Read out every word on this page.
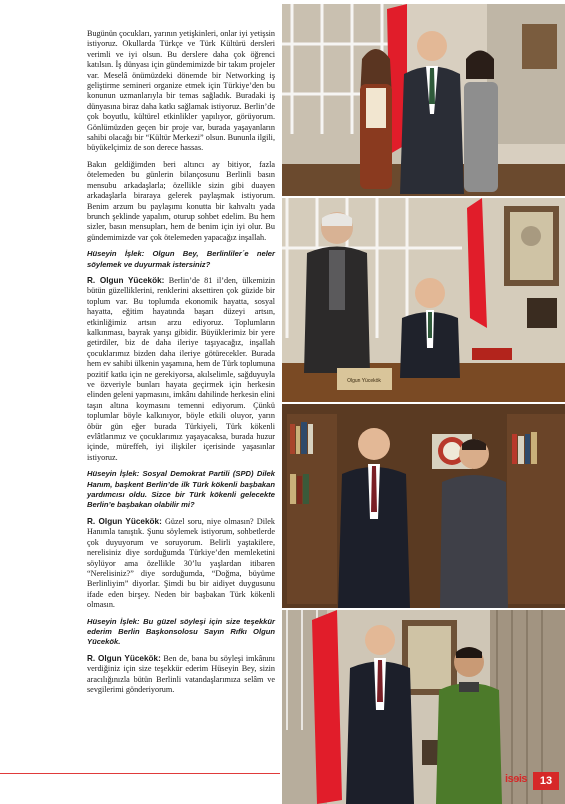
Bugünün çocukları, yarının yetişkinleri, onlar iyi yetişsin istiyoruz. Okullarda Türkçe ve Türk Kültürü dersleri verimli ve iyi olsun. Bu derslere daha çok öğrenci katılsın. İş dünyası için gündemimizde bir takım projeler var. Meselâ önümüzdeki dönemde bir Networking iş geliştirme semineri organize etmek için Türkiye’den bu konunun uzmanlarıyla bir temas sağladık. Buradaki iş dünyasına biraz daha katkı sağlamak istiyoruz. Berlin’de çok boyutlu, kültürel etkinlikler yapılıyor, görüyorum. Gönlümüzden geçen bir proje var, burada yaşayanların sahibi olacağı bir “Kültür Merkezi” olsun. Bununla ilgili, büyükelçimiz de son derece hassas.

Bakın geldiğimden beri altıncı ay bitiyor, fazla ötelemeden bu günlerin bilançosunu Berlinli basın mensubu arkadaşlarla; özellikle sizin gibi duayen arkadaşlarla biraraya gelerek paylaşmak istiyorum. Benim arzum bu paylaşımı konutta bir kahvaltı yada brunch şeklinde yapalım, oturup sohbet edelim. Bu hem sizler, basın mensupları, hem de benim için iyi olur. Bu gündemimizde var çok ötelemeden yapacağız inşallah.

Hüseyin İşlek: Olgun Bey, Berlinliler´e neler söylemek ve duyurmak istersiniz?

R. Olgun Yücekök: Berlin’de 81 il’den, ülkemizin bütün güzelliklerini, renklerini aksettiren çok güzide bir toplum var. Bu toplumda ekonomik hayatta, sosyal hayatta, eğitim hayatında başarı düzeyi artsın, etkinliğimiz artsın arzu ediyoruz. Toplumların kalkınması, bayrak yarışı gibidir. Büyüklerimiz bir yere getirdiler, biz de daha ileriye taşıyacağız, inşallah çocuklarımız bizden daha ileriye götürecekler. Burada hem ev sahibi ülkenin yaşamına, hem de Türk toplumuna pozitif katkı için ne gerekiyorsa, akılselimle, sağduyuyla ve özveriyle bunları hayata geçirmek için herkesin elinden geleni yapmasını, imkânı dahilinde herkesin elini taşın altına koymasını temenni ediyorum. Çünkü toplumlar böyle kalkınıyor, böyle etkili oluyor, yarın öbür gün eğer burada Türkiyeli, Türk kökenli evlâtlarımız ve çocuklarımız yaşayacaksa, burada huzur içinde, müreffeh, iyi ilişkiler içerisinde yaşasınlar istiyoruz.

Hüseyin İşlek: Sosyal Demokrat Partili (SPD) Dilek Hanım, başkent Berlin’de ilk Türk kökenli başbakan yardımcısı oldu. Sizce bir Türk kökenli gelecekte Berlin’e başbakan olabilir mi?

R. Olgun Yücekök: Güzel soru, niye olmasın? Dilek Hanımla tanıştık. Şunu söylemek istiyorum, sohbetlerde çok duyuyorum ve soruyorum. Belirli yaştakilere, nerelisiniz diye sorduğumda Türkiye’den memleketini söylüyor ama özellikle 30’lu yaşlardan itibaren “Nerelisiniz?” diye sorduğumda, “Doğma, büyüme Berlinliyim” diyorlar. Şimdi bu bir aidiyet duygusunu ifade eden birşey. Neden bir başbakan Türk kökenli olmasın.

Hüseyin İşlek: Bu güzel söyleşi için size teşekkür ederim Berlin Başkonsolosu Sayın Rıfkı Olgun Yücekök.

R. Olgun Yücekök: Ben de, bana bu söyleşi imkânını verdiğiniz için size teşekkür ederim Hüseyin Bey, sizin aracılığınızla bütün Berlinli vatandaşlarımıza selâm ve sevgilerimi gönderiyorum.

Olgun Yücekök
isɘis	13
